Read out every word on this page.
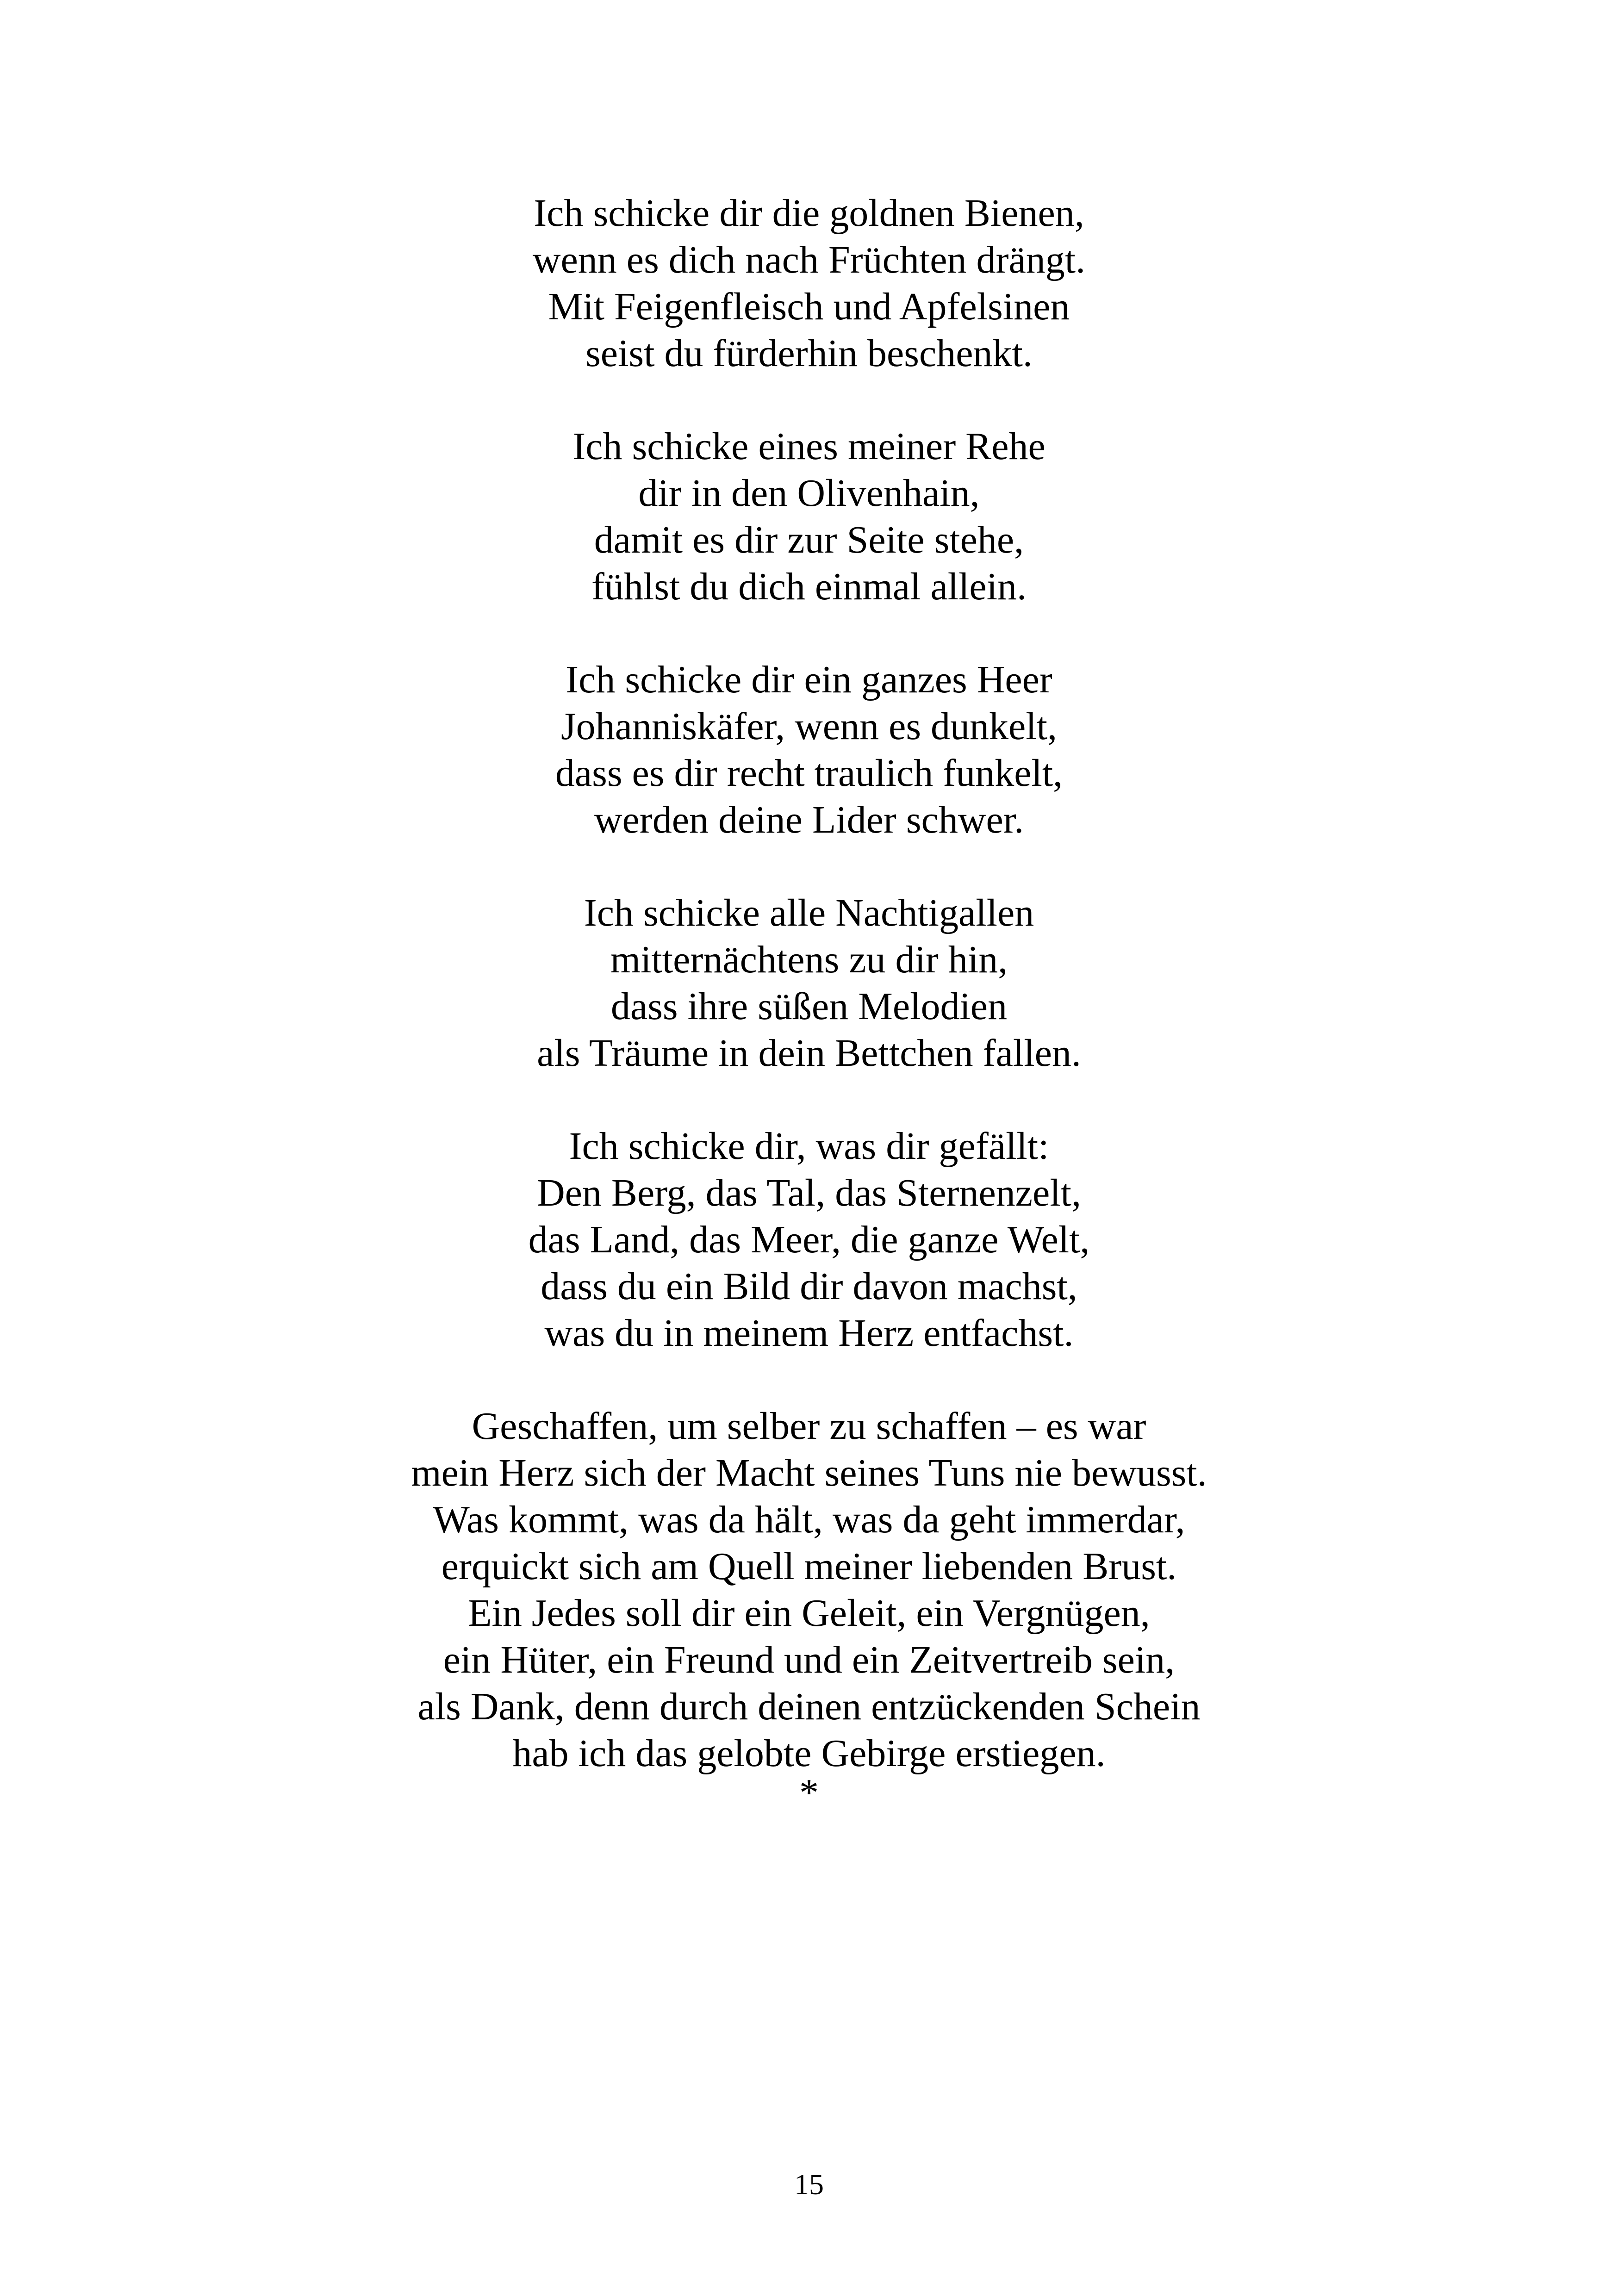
Ich schicke dir die goldnen Bienen,
wenn es dich nach Früchten drängt.
Mit Feigenfleisch und Apfelsinen
seist du fürderhin beschenkt.
Ich schicke eines meiner Rehe
dir in den Olivenhain,
damit es dir zur Seite stehe,
fühlst du dich einmal allein.
Ich schicke dir ein ganzes Heer
Johanniskäfer, wenn es dunkelt,
dass es dir recht traulich funkelt,
werden deine Lider schwer.
Ich schicke alle Nachtigallen
mitternächtens zu dir hin,
dass ihre süßen Melodien
als Träume in dein Bettchen fallen.
Ich schicke dir, was dir gefällt:
Den Berg, das Tal, das Sternenzelt,
das Land, das Meer, die ganze Welt,
dass du ein Bild dir davon machst,
was du in meinem Herz entfachst.
Geschaffen, um selber zu schaffen – es war
mein Herz sich der Macht seines Tuns nie bewusst.
Was kommt, was da hält, was da geht immerdar,
erquickt sich am Quell meiner liebenden Brust.
Ein Jedes soll dir ein Geleit, ein Vergnügen,
ein Hüter, ein Freund und ein Zeitvertreib sein,
als Dank, denn durch deinen entzückenden Schein
hab ich das gelobte Gebirge erstiegen.
*
15
